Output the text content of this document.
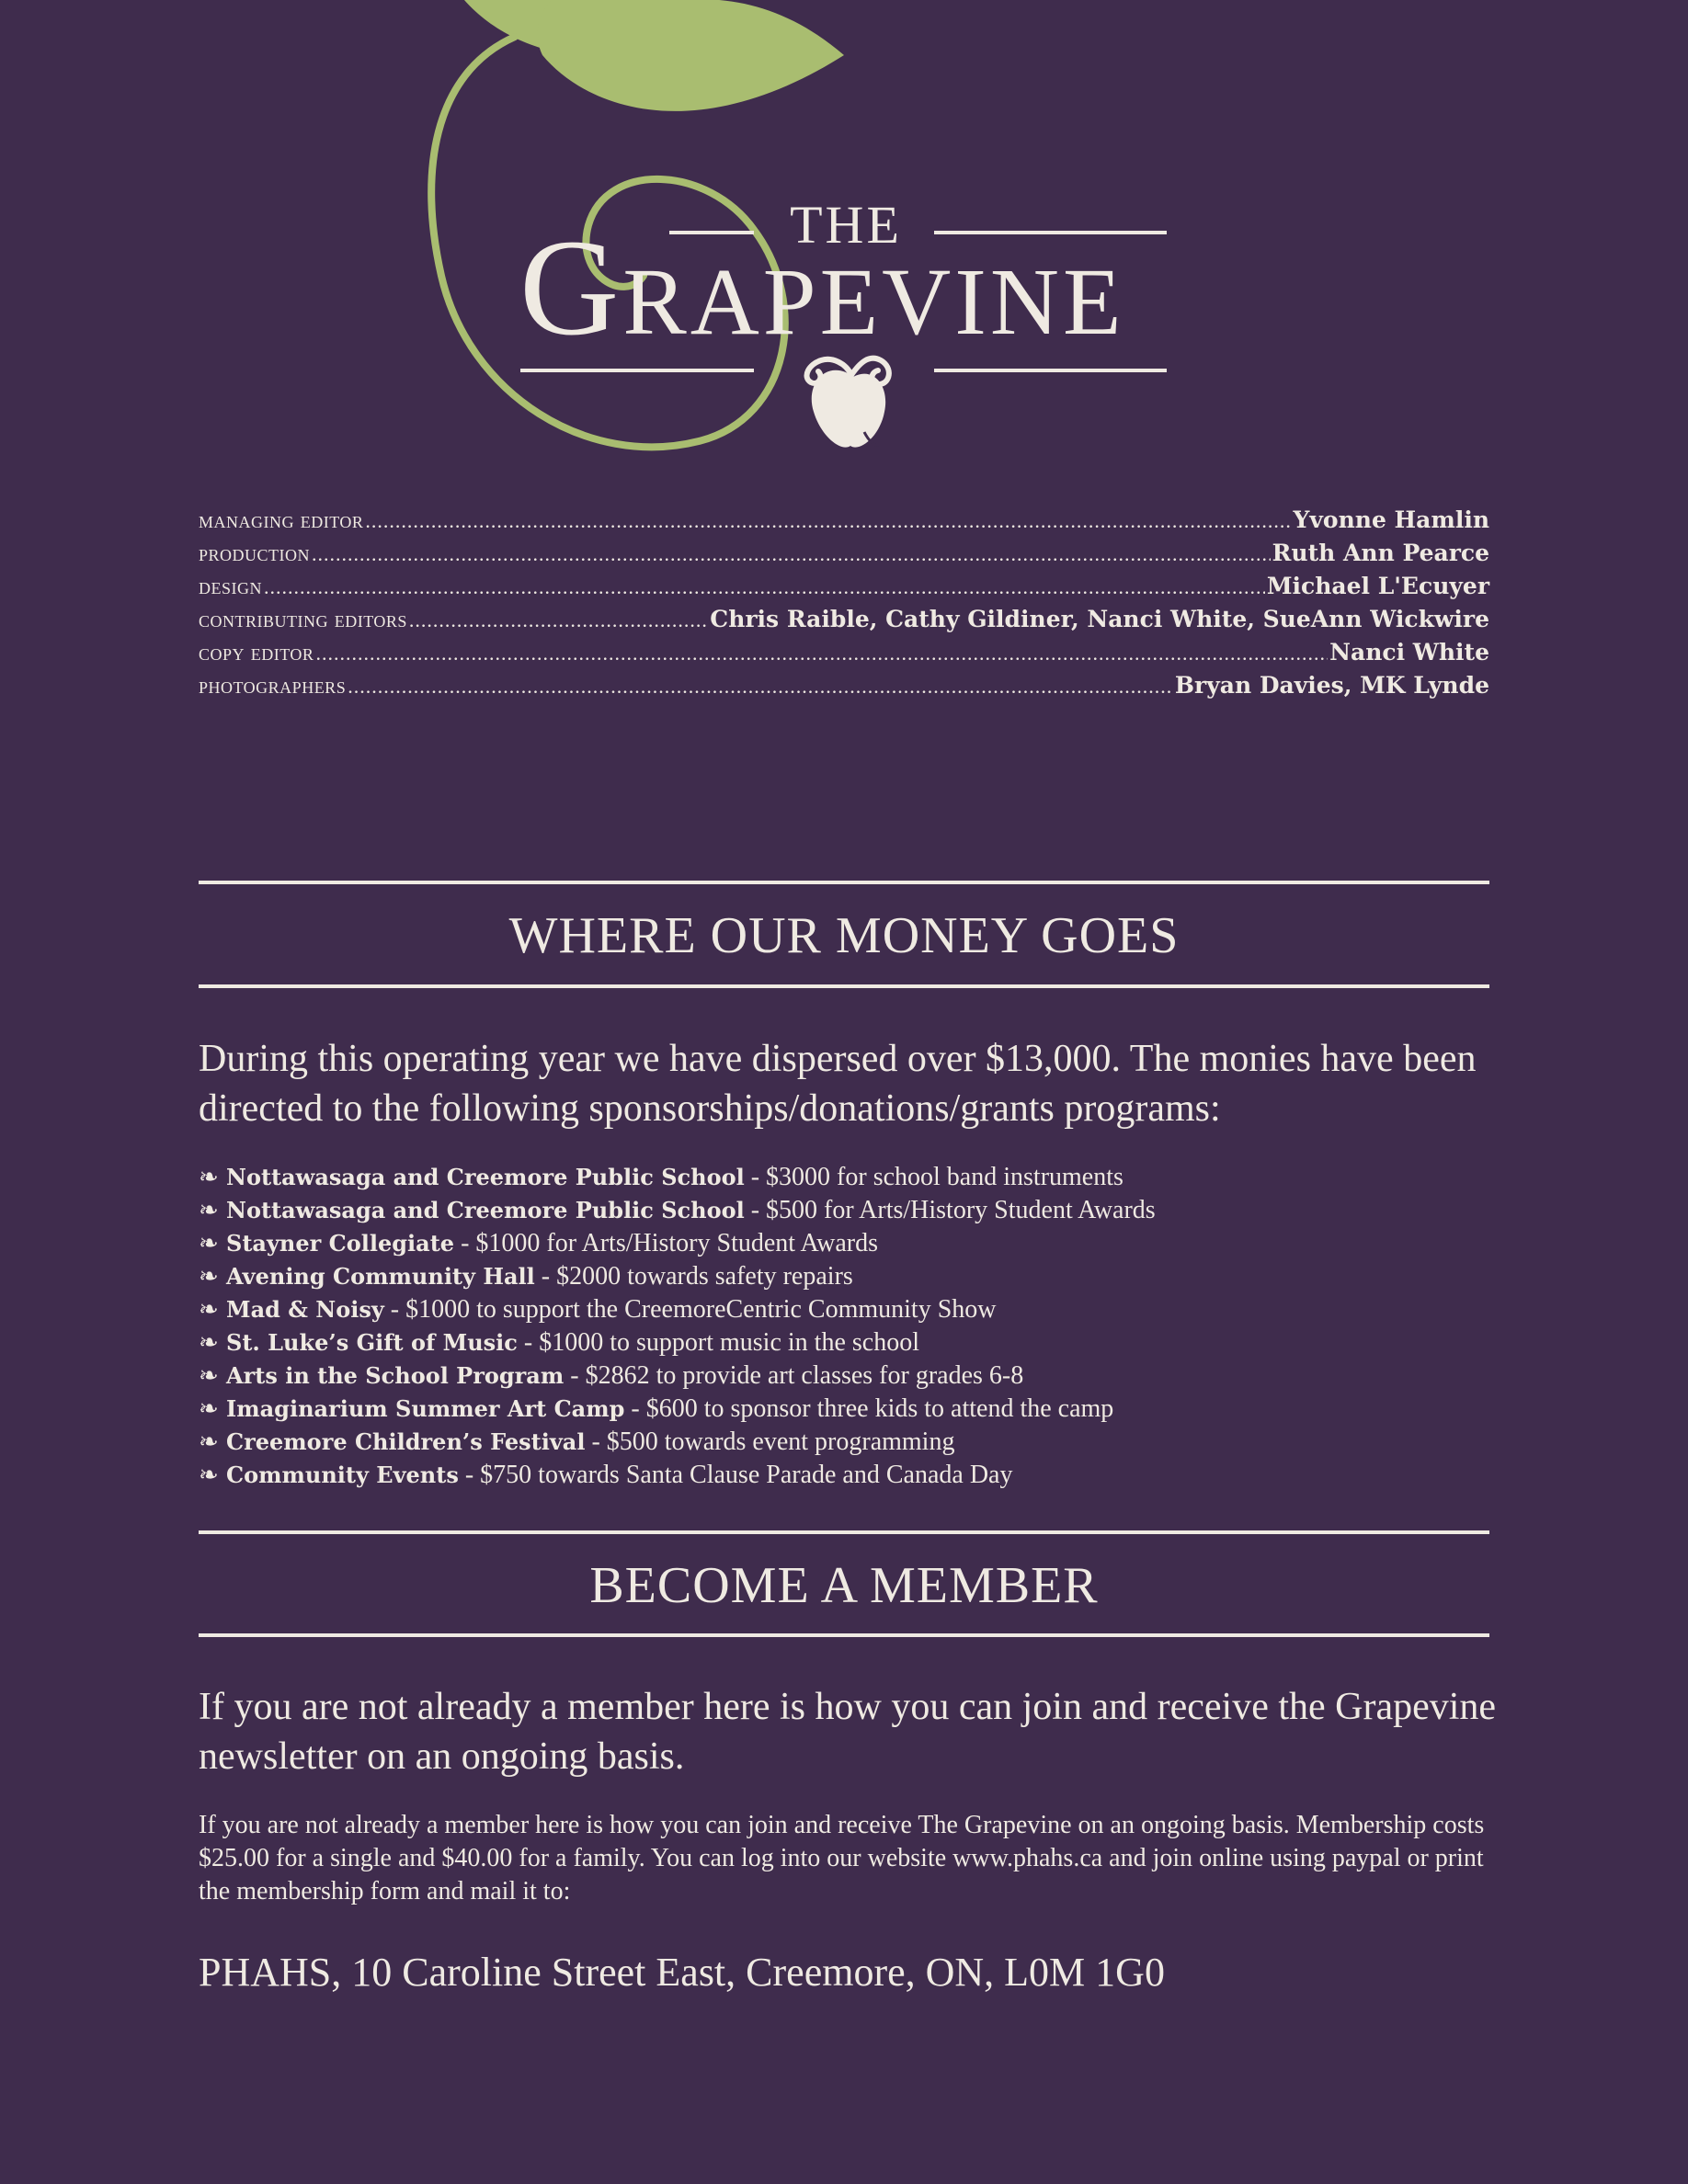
THE
GRAPEVINE
managing editor .....	Yvonne Hamlin
production .....	Ruth Ann Pearce
design .....	Michael L'Ecuyer
contributing editors .....	Chris Raible, Cathy Gildiner, Nanci White, SueAnn Wickwire
copy editor .....	Nanci White
photographers .....	Bryan Davies, MK Lynde
WHERE OUR MONEY GOES
During this operating year we have dispersed over $13,000. The monies have been directed to the following sponsorships/donations/grants programs:
❧ Nottawasaga and Creemore Public School - $3000 for school band instruments
❧ Nottawasaga and Creemore Public School - $500 for Arts/History Student Awards
❧ Stayner Collegiate - $1000 for Arts/History Student Awards
❧ Avening Community Hall - $2000 towards safety repairs
❧ Mad & Noisy - $1000 to support the CreemoreCentric Community Show
❧ St. Luke’s Gift of Music - $1000 to support music in the school
❧ Arts in the School Program - $2862 to provide art classes for grades 6-8
❧ Imaginarium Summer Art Camp - $600 to sponsor three kids to attend the camp
❧ Creemore Children’s Festival - $500 towards event programming
❧ Community Events - $750 towards Santa Clause Parade and Canada Day
BECOME A MEMBER
If you are not already a member here is how you can join and receive the Grapevine newsletter on an ongoing basis.
If you are not already a member here is how you can join and receive The Grapevine on an ongoing basis. Membership costs $25.00 for a single and $40.00 for a family. You can log into our website www.phahs.ca and join online using paypal or print the membership form and mail it to:
PHAHS, 10 Caroline Street East, Creemore, ON, L0M 1G0
